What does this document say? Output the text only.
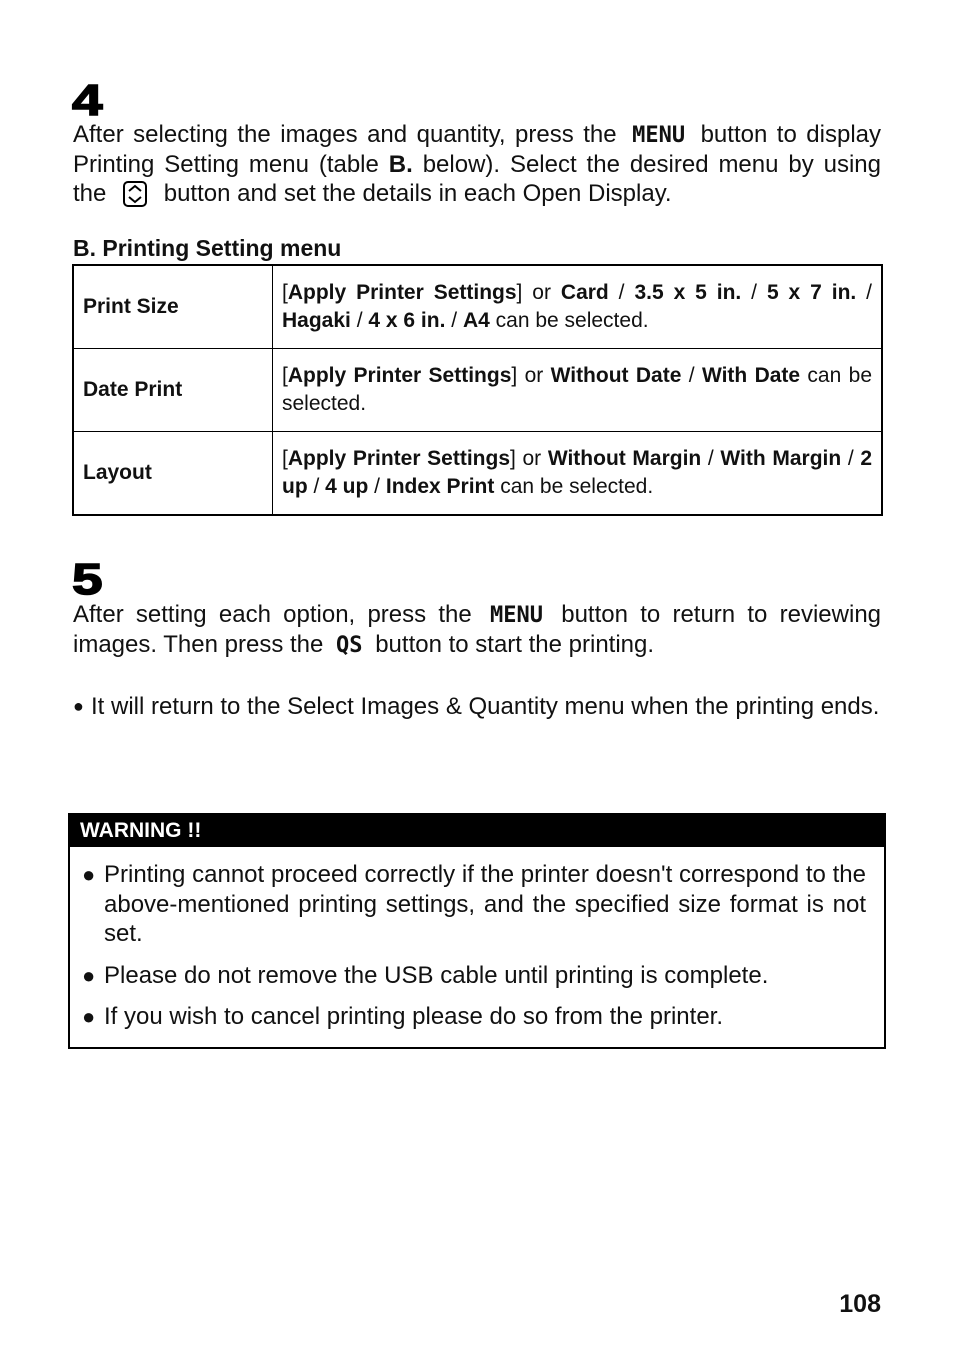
4

After selecting the images and quantity, press the MENU button to display Printing Setting menu (table B. below). Select the desired menu by using the button and set the details in each Open Display.

B. Printing Setting menu
Print Size	[Apply Printer Settings] or Card / 3.5 x 5 in. / 5 x 7 in. / Hagaki / 4 x 6 in. / A4 can be selected.
Date Print	[Apply Printer Settings] or Without Date / With Date can be selected.
Layout	[Apply Printer Settings] or Without Margin / With Margin / 2 up / 4 up / Index Print can be selected.
5

After setting each option, press the MENU button to return to reviewing images. Then press the QS button to start the printing.

● It will return to the Select Images & Quantity menu when the printing ends.
WARNING !!
● Printing cannot proceed correctly if the printer doesn't correspond to the above-mentioned printing settings, and the specified size format is not set.
● Please do not remove the USB cable until printing is complete.
● If you wish to cancel printing please do so from the printer.
108
